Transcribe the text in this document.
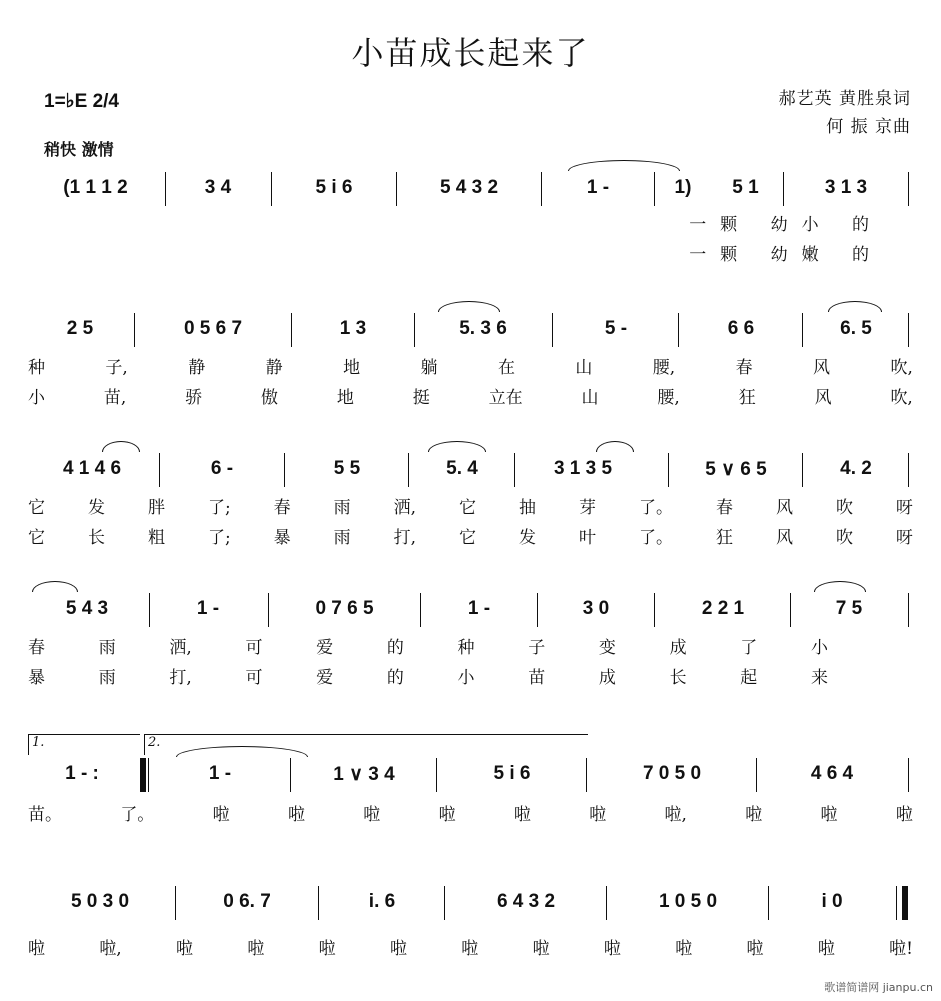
小苗成长起来了
1=♭E 2/4
稍快 激情
郝艺英 黄胜泉词
何 振 京曲
(1 1 1 2	3 4	5 i 6	5 4 3 2	1 -	1)	5 1	3 1 3
一颗 幼小 的
一颗 幼嫩 的
2 5	0 5 6 7	1 3	5. 3 6	5 -	6 6	6. 5
种	子,	静	静	地	躺	在	山	腰,	春	风	吹,
小	苗,	骄	傲	地	挺	立在	山	腰,	狂	风	吹,
4 1 4 6	6 -	5 5	5. 4	3 1 3 5	5 ∨ 6 5	4. 2
它	发	胖	了;	春	雨	洒,	它	抽	芽	了。	春	风	吹	呀
它	长	粗	了;	暴	雨	打,	它	发	叶	了。	狂	风	吹	呀
5 4 3	1 -	0 7 6 5	1 -	3 0	2 2 1	7 5
春	雨	洒,	可	爱	的	种	子	变	成	了	小
暴	雨	打,	可	爱	的	小	苗	成	长	起	来
1.	2.
1 - :	1 -	1 ∨ 3 4	5 i 6	7 0 5 0	4 6 4
苗。	了。	啦	啦	啦	啦	啦	啦	啦,	啦	啦	啦
5 0 3 0	0 6. 7	i. 6	6 4 3 2	1 0 5 0	i 0
啦	啦,	啦	啦	啦	啦	啦	啦	啦	啦	啦	啦	啦!
歌谱简谱网 jianpu.cn
